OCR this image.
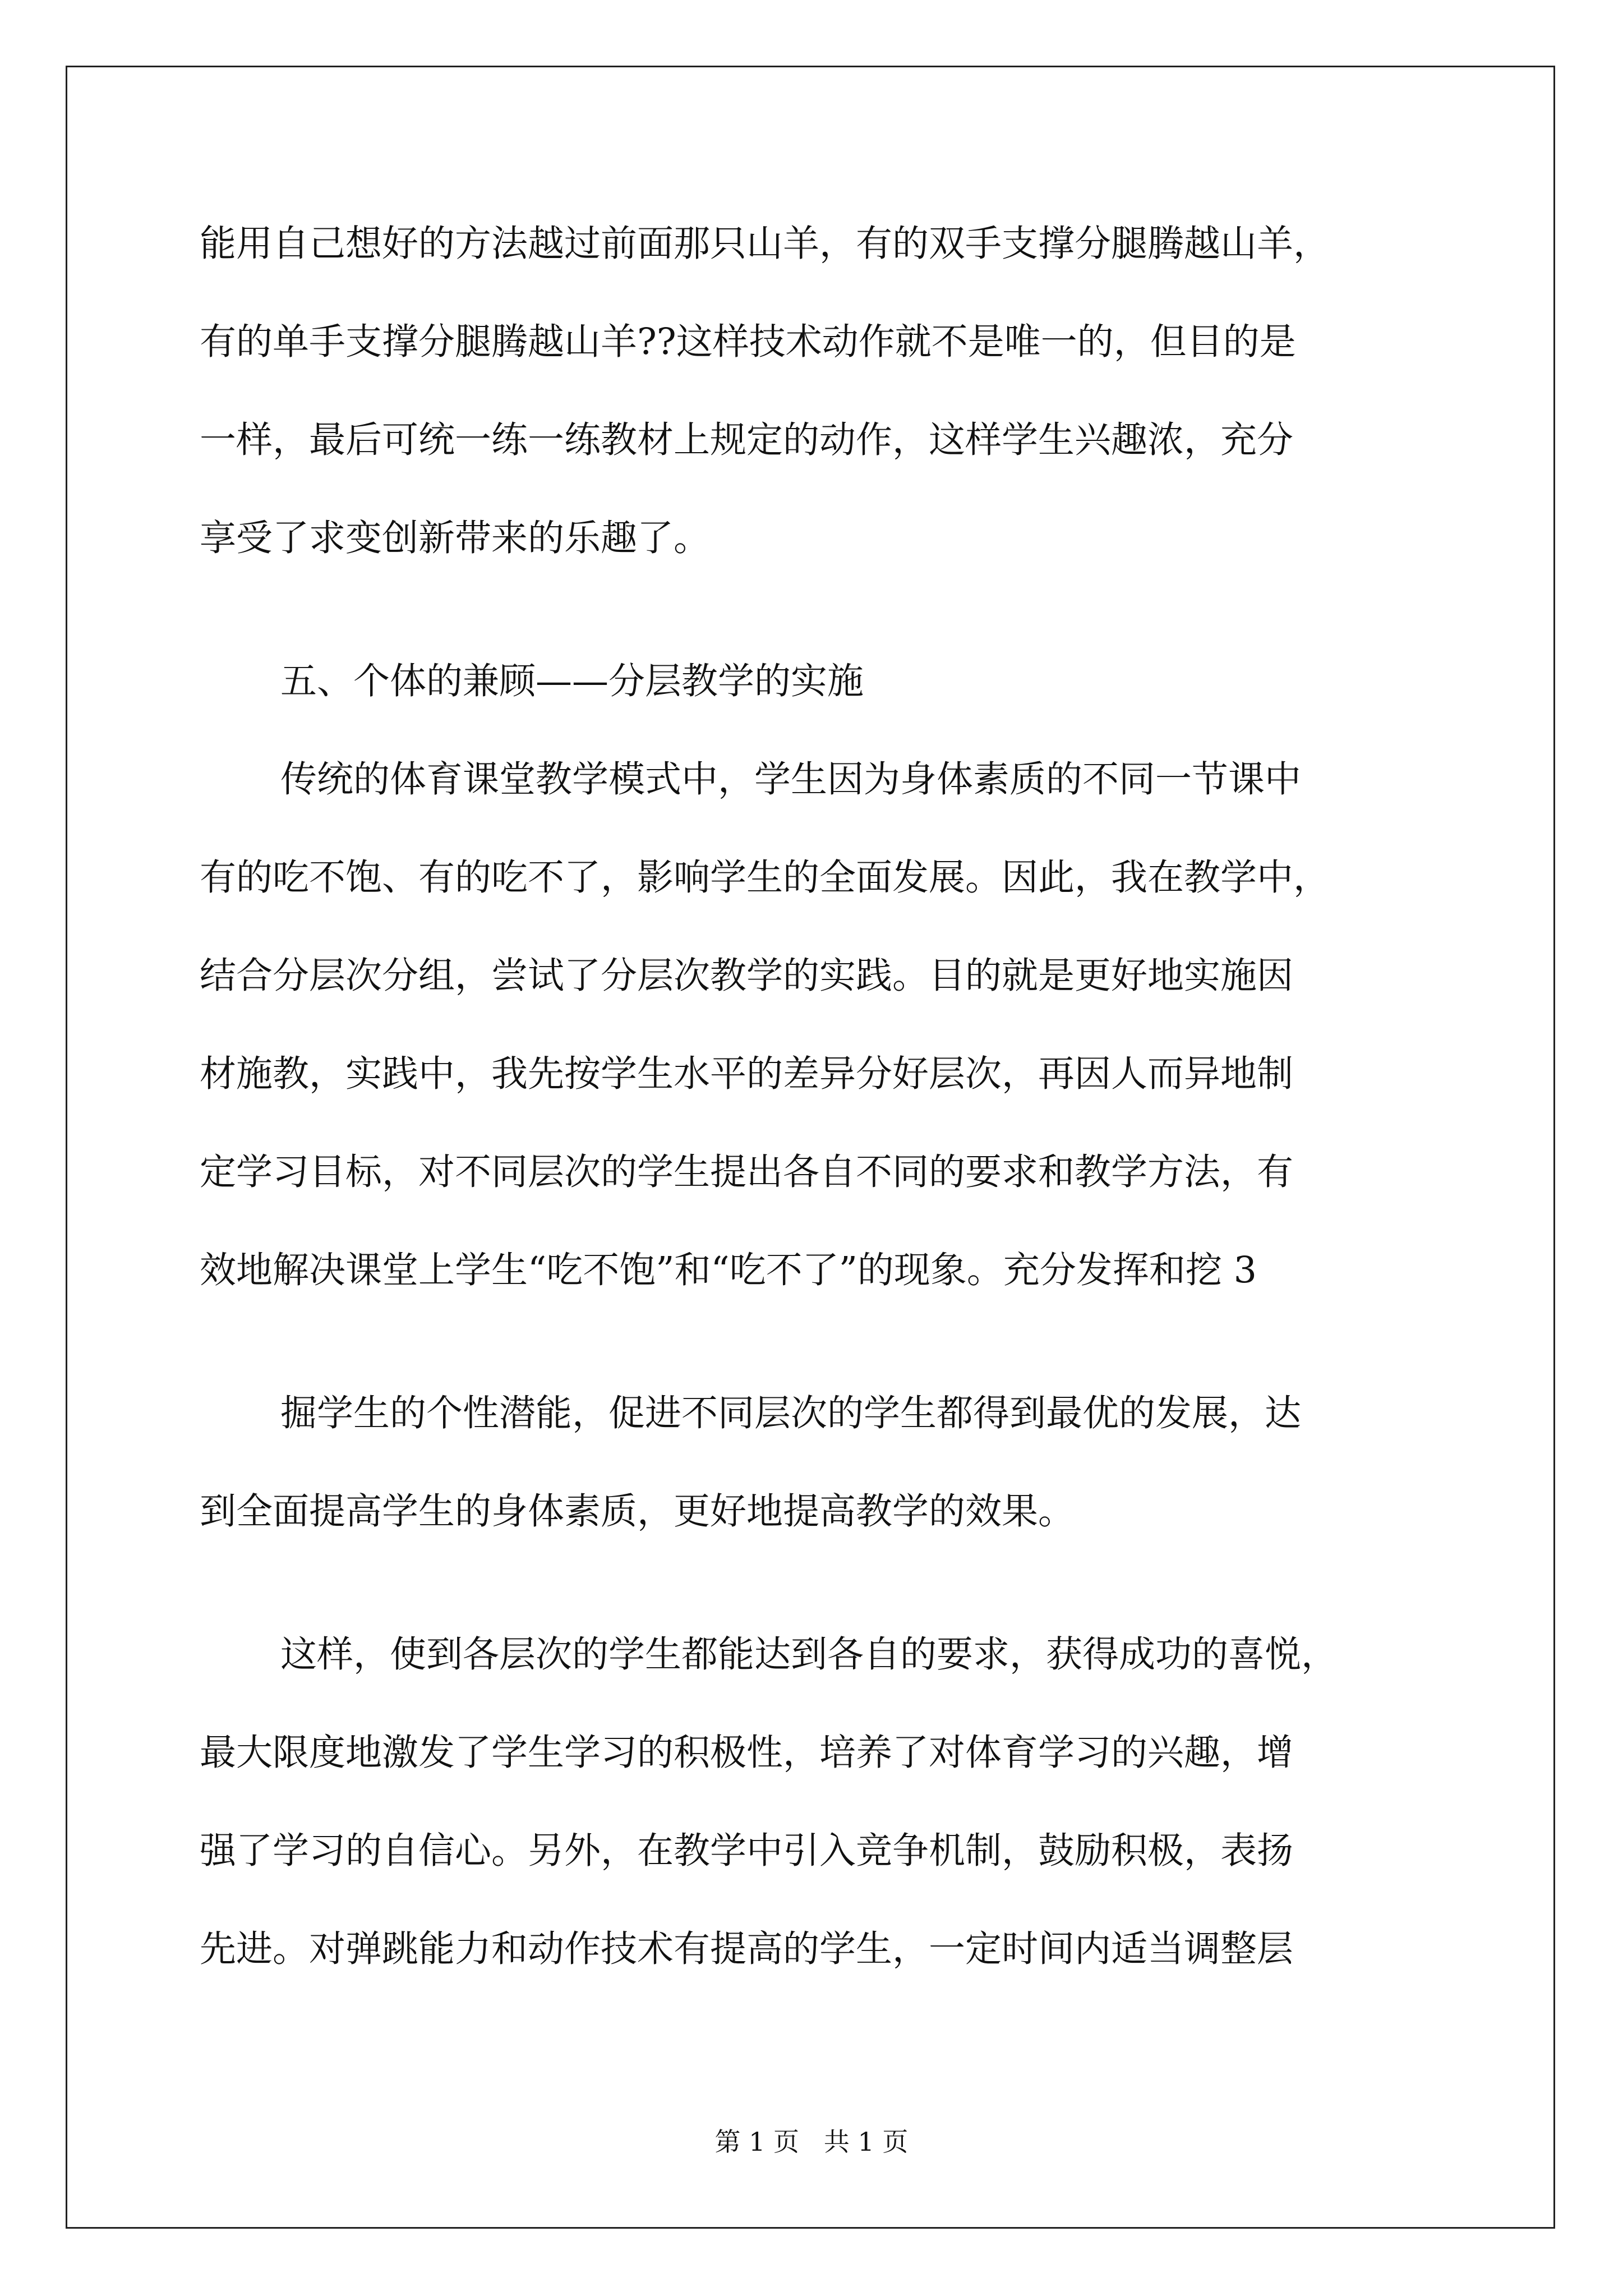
能用自己想好的方法越过前面那只山羊，有的双手支撑分腿腾越山羊，
有的单手支撑分腿腾越山羊??这样技术动作就不是唯一的，但目的是
一样，最后可统一练一练教材上规定的动作，这样学生兴趣浓，充分
享受了求变创新带来的乐趣了。
五、个体的兼顾——分层教学的实施
传统的体育课堂教学模式中，学生因为身体素质的不同一节课中
有的吃不饱、有的吃不了，影响学生的全面发展。因此，我在教学中，
结合分层次分组，尝试了分层次教学的实践。目的就是更好地实施因
材施教，实践中，我先按学生水平的差异分好层次，再因人而异地制
定学习目标，对不同层次的学生提出各自不同的要求和教学方法，有
效地解决课堂上学生“吃不饱”和“吃不了”的现象。充分发挥和挖 3
掘学生的个性潜能，促进不同层次的学生都得到最优的发展，达
到全面提高学生的身体素质，更好地提高教学的效果。
这样，使到各层次的学生都能达到各自的要求，获得成功的喜悦，
最大限度地激发了学生学习的积极性，培养了对体育学习的兴趣，增
强了学习的自信心。另外，在教学中引入竞争机制，鼓励积极，表扬
先进。对弹跳能力和动作技术有提高的学生，一定时间内适当调整层
第 1 页   共 1 页
